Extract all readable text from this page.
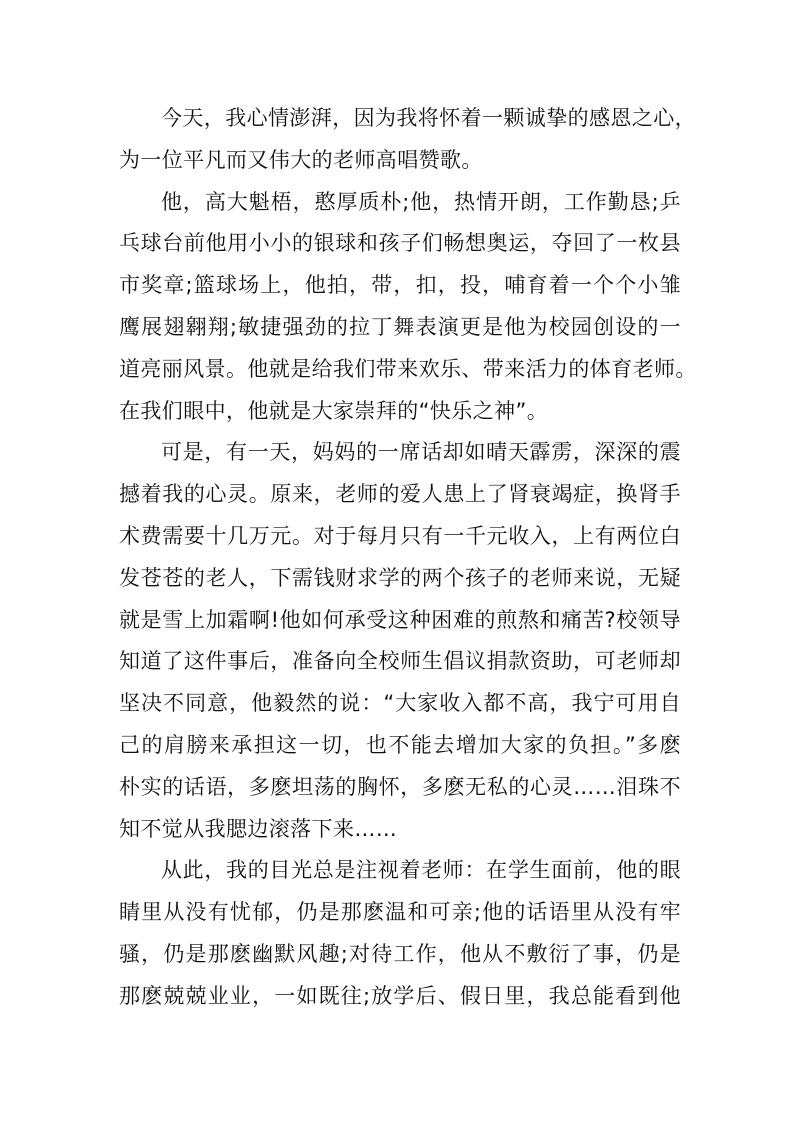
今天，我心情澎湃，因为我将怀着一颗诚挚的感恩之心，
为一位平凡而又伟大的老师高唱赞歌。
他，高大魁梧，憨厚质朴;他，热情开朗，工作勤恳;乒
乓球台前他用小小的银球和孩子们畅想奥运，夺回了一枚县
市奖章;篮球场上，他拍，带，扣，投，哺育着一个个小雏
鹰展翅翱翔;敏捷强劲的拉丁舞表演更是他为校园创设的一
道亮丽风景。他就是给我们带来欢乐、带来活力的体育老师。
在我们眼中，他就是大家崇拜的“快乐之神”。
可是，有一天，妈妈的一席话却如晴天霹雳，深深的震
撼着我的心灵。原来，老师的爱人患上了肾衰竭症，换肾手
术费需要十几万元。对于每月只有一千元收入，上有两位白
发苍苍的老人，下需钱财求学的两个孩子的老师来说，无疑
就是雪上加霜啊!他如何承受这种困难的煎熬和痛苦?校领导
知道了这件事后，准备向全校师生倡议捐款资助，可老师却
坚决不同意，他毅然的说：“大家收入都不高，我宁可用自
己的肩膀来承担这一切，也不能去增加大家的负担。”多麽
朴实的话语，多麽坦荡的胸怀，多麽无私的心灵……泪珠不
知不觉从我腮边滚落下来……
从此，我的目光总是注视着老师：在学生面前，他的眼
睛里从没有忧郁，仍是那麽温和可亲;他的话语里从没有牢
骚，仍是那麽幽默风趣;对待工作，他从不敷衍了事，仍是
那麽兢兢业业，一如既往;放学后、假日里，我总能看到他
